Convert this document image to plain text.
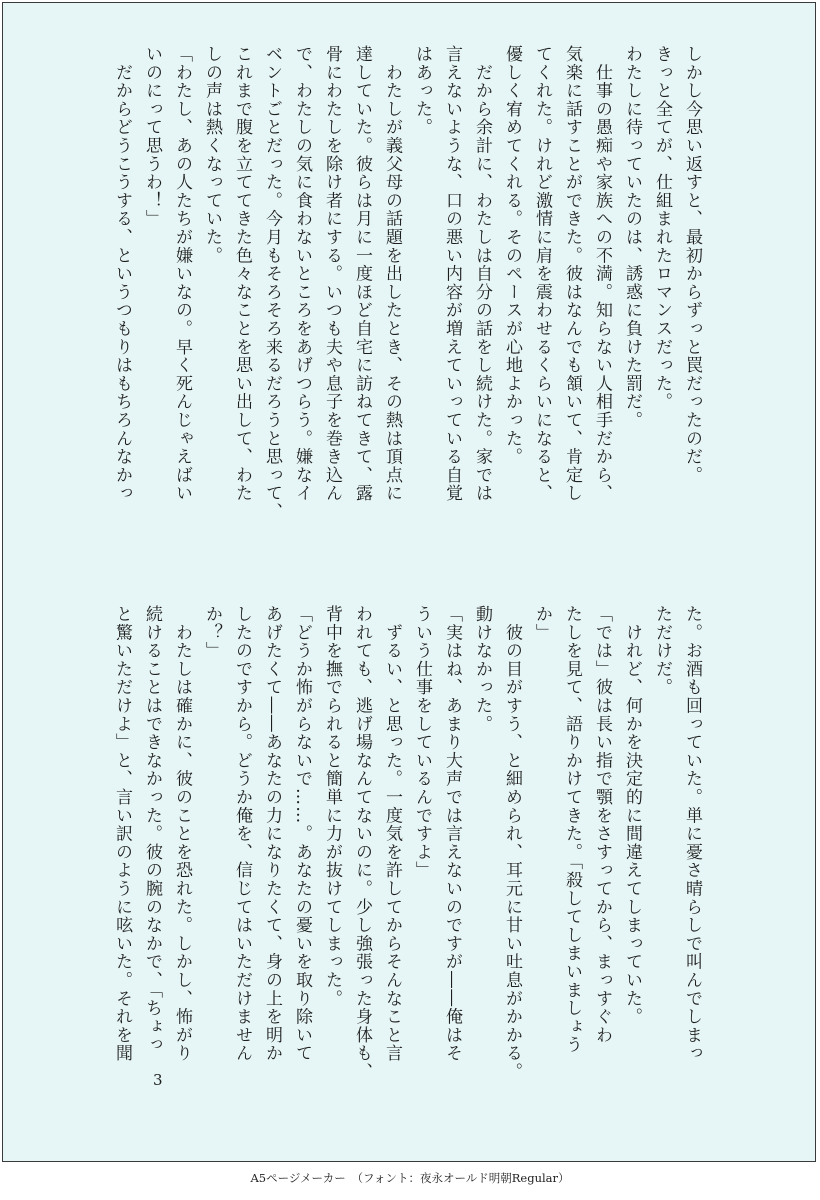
しかし今思い返すと、最初からずっと罠だったのだ。
きっと全てが、仕組まれたロマンスだった。
わたしに待っていたのは、誘惑に負けた罰だ。
　仕事の愚痴や家族への不満。知らない人相手だから、
気楽に話すことができた。彼はなんでも頷いて、肯定し
てくれた。けれど激情に肩を震わせるくらいになると、
優しく宥めてくれる。そのペースが心地よかった。
　だから余計に、わたしは自分の話をし続けた。家では
言えないような、口の悪い内容が増えていっている自覚
はあった。
　わたしが義父母の話題を出したとき、その熱は頂点に
達していた。彼らは月に一度ほど自宅に訪ねてきて、露
骨にわたしを除け者にする。いつも夫や息子を巻き込ん
で、わたしの気に食わないところをあげつらう。嫌なイ
ベントごとだった。今月もそろそろ来るだろうと思って、
これまで腹を立ててきた色々なことを思い出して、わた
しの声は熱くなっていた。
「わたし、あの人たちが嫌いなの。早く死んじゃえばい
いのにって思うわ！」
　だからどうこうする、というつもりはもちろんなかっ
た。お酒も回っていた。単に憂さ晴らしで叫んでしまっ
ただけだ。
　けれど、何かを決定的に間違えてしまっていた。
「では」彼は長い指で顎をさすってから、まっすぐわ
たしを見て、語りかけてきた。「殺してしまいましょう
か」
　彼の目がすう、と細められ、耳元に甘い吐息がかかる。
動けなかった。
「実はね、あまり大声では言えないのですが――俺はそ
ういう仕事をしているんですよ」
　ずるい、と思った。一度気を許してからそんなこと言
われても、逃げ場なんてないのに。少し強張った身体も、
背中を撫でられると簡単に力が抜けてしまった。
「どうか怖がらないで……。あなたの憂いを取り除いて
あげたくて――あなたの力になりたくて、身の上を明か
したのですから。どうか俺を、信じてはいただけません
か？」
　わたしは確かに、彼のことを恐れた。しかし、怖がり
続けることはできなかった。彼の腕のなかで、「ちょっ
と驚いただけよ」と、言い訳のように呟いた。それを聞
3
A5ページメーカー　（フォント：夜永オールド明朝Regular）
